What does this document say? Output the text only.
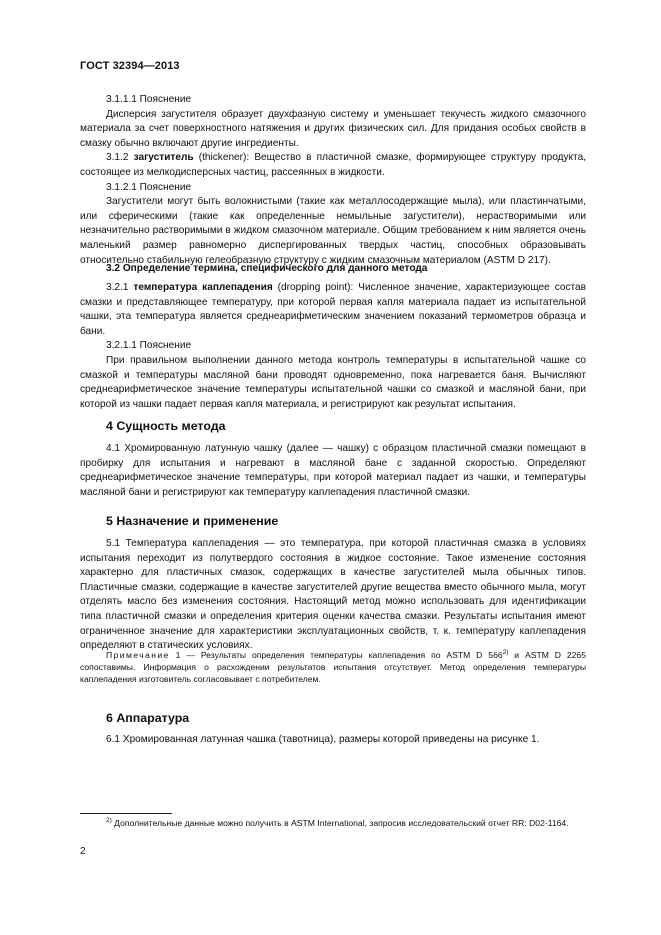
ГОСТ 32394—2013

3.1.1.1 Пояснение

Дисперсия загустителя образует двухфазную систему и уменьшает текучесть жидкого смазочного материала за счет поверхностного натяжения и других физических сил. Для придания особых свойств в смазку обычно включают другие ингредиенты.

3.1.2 загуститель (thickener): Вещество в пластичной смазке, формирующее структуру продукта, состоящее из мелкодисперсных частиц, рассеянных в жидкости.

3.1.2.1 Пояснение

Загустители могут быть волокнистыми (такие как металлосодержащие мыла), или пластинчатыми, или сферическими (такие как определенные немыльные загустители), нерастворимыми или незначительно растворимыми в жидком смазочном материале. Общим требованием к ним является очень маленький размер равномерно диспергированных твердых частиц, способных образовывать относительно стабильную гелеобразную структуру с жидким смазочным материалом (ASTM D 217).

3.2 Определение термина, специфического для данного метода

3.2.1 температура каплепадения (dropping point): Численное значение, характеризующее состав смазки и представляющее температуру, при которой первая капля материала падает из испытательной чашки, эта температура является среднеарифметическим значением показаний термометров образца и бани.

3.2.1.1 Пояснение

При правильном выполнении данного метода контроль температуры в испытательной чашке со смазкой и температуры масляной бани проводят одновременно, пока нагревается баня. Вычисляют среднеарифметическое значение температуры испытательной чашки со смазкой и масляной бани, при которой из чашки падает первая капля материала, и регистрируют как результат испытания.

4 Сущность метода

4.1 Хромированную латунную чашку (далее — чашку) с образцом пластичной смазки помещают в пробирку для испытания и нагревают в масляной бане с заданной скоростью. Определяют среднеарифметическое значение температуры, при которой материал падает из чашки, и температуры масляной бани и регистрируют как температуру каплепадения пластичной смазки.

5 Назначение и применение

5.1 Температура каплепадения — это температура, при которой пластичная смазка в условиях испытания переходит из полутвердого состояния в жидкое состояние. Такое изменение состояния характерно для пластичных смазок, содержащих в качестве загустителей мыла обычных типов. Пластичные смазки, содержащие в качестве загустителей другие вещества вместо обычного мыла, могут отделять масло без изменения состояния. Настоящий метод можно использовать для идентификации типа пластичной смазки и определения критерия оценки качества смазки. Результаты испытания имеют ограниченное значение для характеристики эксплуатационных свойств, т. к. температуру каплепадения определяют в статических условиях.

Примечание 1 — Результаты определения температуры каплепадения по ASTM D 566$^{2)}$ и ASTM D 2265 сопоставимы. Информация о расхождении результатов испытания отсутствует. Метод определения температуры каплепадения изготовитель согласовывает с потребителем.

6 Аппаратура

6.1 Хромированная латунная чашка (тавотница), размеры которой приведены на рисунке 1.

$^{2)}$ Дополнительные данные можно получить в ASTM International, запросив исследовательский отчет RR: D02-1164.
2
